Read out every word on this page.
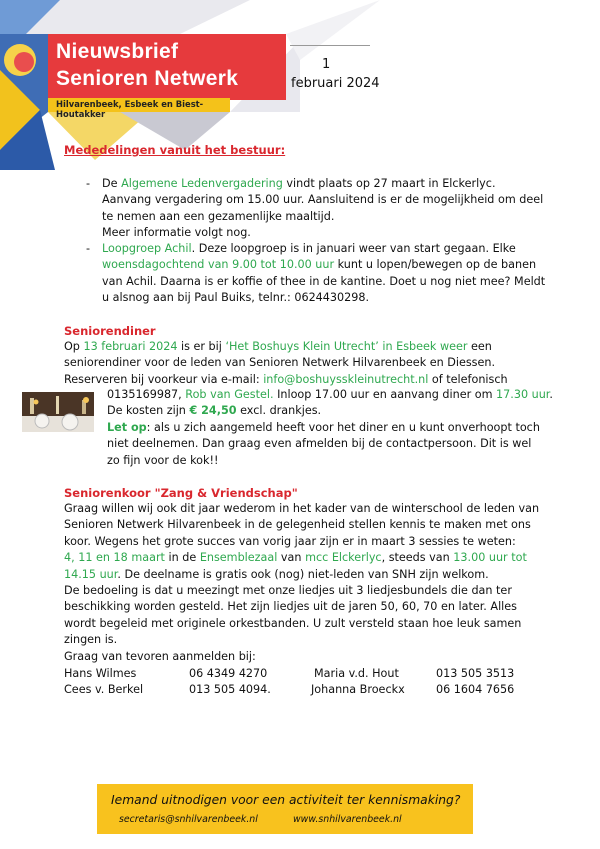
Nieuwsbrief
Senioren Netwerk
Hilvarenbeek, Esbeek en Biest-Houtakker
1
februari 2024
Mededelingen vanuit het bestuur:
- De Algemene Ledenvergadering vindt plaats op 27 maart in Elckerlyc.
Aanvang vergadering om 15.00 uur. Aansluitend is er de mogelijkheid om deel
te nemen aan een gezamenlijke maaltijd.
Meer informatie volgt nog.
- Loopgroep Achil. Deze loopgroep is in januari weer van start gegaan. Elke
woensdagochtend van 9.00 tot 10.00 uur kunt u lopen/bewegen op de banen
van Achil. Daarna is er koffie of thee in de kantine. Doet u nog niet mee? Meldt
u alsnog aan bij Paul Buiks, telnr.: 0624430298.
Seniorendiner
Op 13 februari 2024 is er bij ‘Het Boshuys Klein Utrecht’ in Esbeek weer een
seniorendiner voor de leden van Senioren Netwerk Hilvarenbeek en Diessen.
Reserveren bij voorkeur via e-mail: info@boshuysskleinutrecht.nl of telefonisch
0135169987, Rob van Gestel. Inloop 17.00 uur en aanvang diner om 17.30 uur.
De kosten zijn € 24,50 excl. drankjes.
Let op: als u zich aangemeld heeft voor het diner en u kunt onverhoopt toch
niet deelnemen. Dan graag even afmelden bij de contactpersoon. Dit is wel
zo fijn voor de kok!!
Seniorenkoor "Zang & Vriendschap"
Graag willen wij ook dit jaar wederom in het kader van de winterschool de leden van
Senioren Netwerk Hilvarenbeek in de gelegenheid stellen kennis te maken met ons
koor. Wegens het grote succes van vorig jaar zijn er in maart 3 sessies te weten:
4, 11 en 18 maart in de Ensemblezaal van mcc Elckerlyc, steeds van 13.00 uur tot
14.15 uur. De deelname is gratis ook (nog) niet-leden van SNH zijn welkom.
De bedoeling is dat u meezingt met onze liedjes uit 3 liedjesbundels die dan ter
beschikking worden gesteld. Het zijn liedjes uit de jaren 50, 60, 70 en later. Alles
wordt begeleid met originele orkestbanden. U zult versteld staan hoe leuk samen
zingen is.
Graag van tevoren aanmelden bij:
Hans Wilmes	06 4349 4270	Maria v.d. Hout	013 505 3513
Cees v. Berkel	013 505 4094.	Johanna Broeckx	06 1604 7656
Iemand uitnodigen voor een activiteit ter kennismaking?
secretaris@snhilvarenbeek.nl	www.snhilvarenbeek.nl
